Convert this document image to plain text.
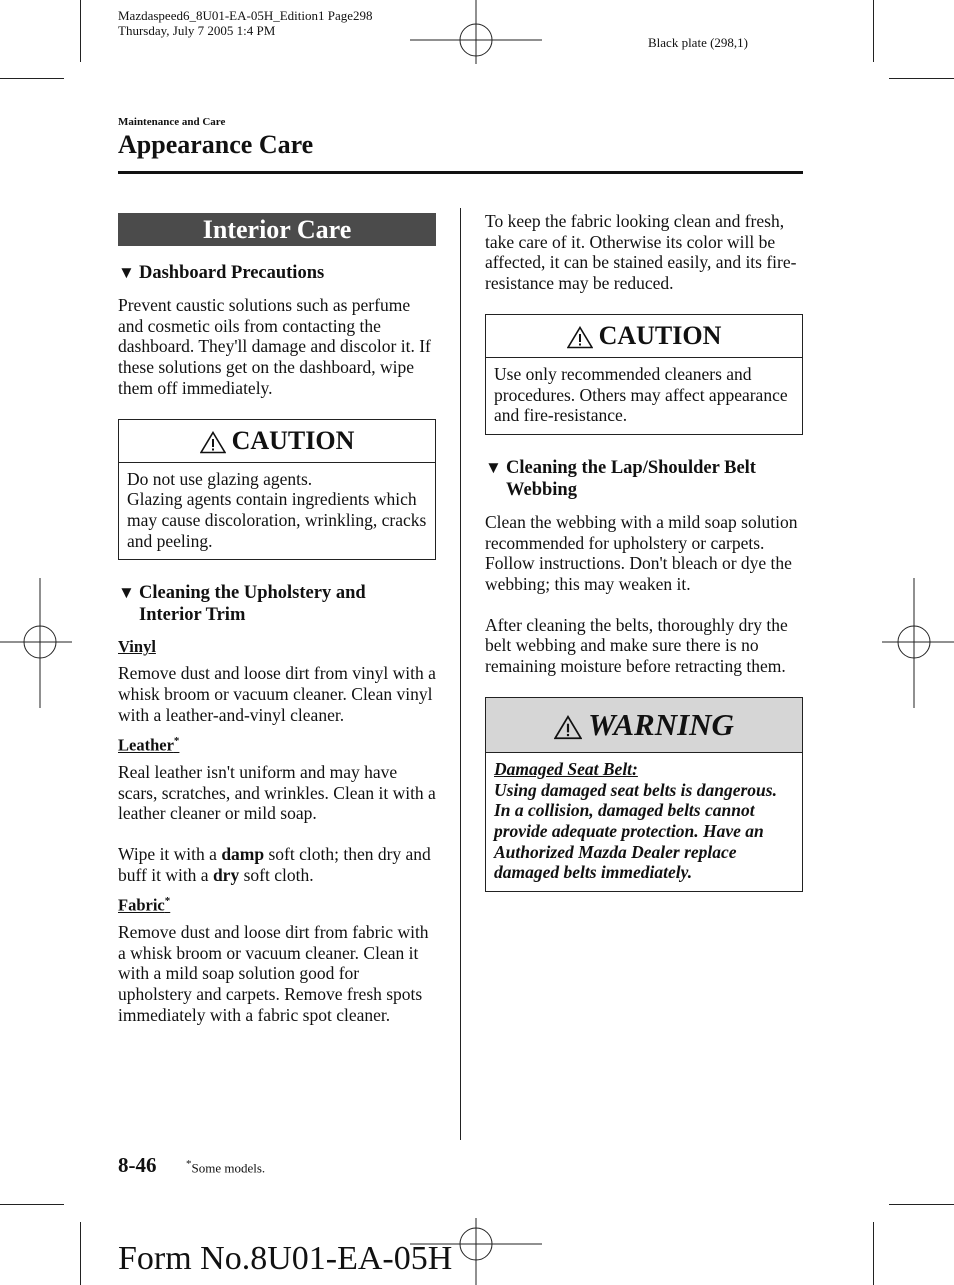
Mazdaspeed6_8U01-EA-05H_Edition1 Page298
Thursday, July 7 2005 1:4 PM
Black plate (298,1)
Maintenance and Care
Appearance Care
Interior Care
▼ Dashboard Precautions

Prevent caustic solutions such as perfume and cosmetic oils from contacting the dashboard. They'll damage and discolor it. If these solutions get on the dashboard, wipe them off immediately.

CAUTION
Do not use glazing agents.
Glazing agents contain ingredients which may cause discoloration, wrinkling, cracks and peeling.
▼ Cleaning the Upholstery and
Interior Trim
Vinyl

Remove dust and loose dirt from vinyl with a whisk broom or vacuum cleaner. Clean vinyl with a leather-and-vinyl cleaner.

Leather*

Real leather isn't uniform and may have scars, scratches, and wrinkles. Clean it with a leather cleaner or mild soap.

Wipe it with a damp soft cloth; then dry and buff it with a dry soft cloth.

Fabric*

Remove dust and loose dirt from fabric with a whisk broom or vacuum cleaner. Clean it with a mild soap solution good for upholstery and carpets. Remove fresh spots immediately with a fabric spot cleaner.

To keep the fabric looking clean and fresh, take care of it. Otherwise its color will be affected, it can be stained easily, and its fire-resistance may be reduced.

CAUTION
Use only recommended cleaners and procedures. Others may affect appearance and fire-resistance.
▼ Cleaning the Lap/Shoulder Belt
Webbing

Clean the webbing with a mild soap solution recommended for upholstery or carpets. Follow instructions. Don't bleach or dye the webbing; this may weaken it.

After cleaning the belts, thoroughly dry the belt webbing and make sure there is no remaining moisture before retracting them.

WARNING
Damaged Seat Belt:
Using damaged seat belts is dangerous. In a collision, damaged belts cannot provide adequate protection. Have an Authorized Mazda Dealer replace damaged belts immediately.
8-46	*Some models.
Form No.8U01-EA-05H
